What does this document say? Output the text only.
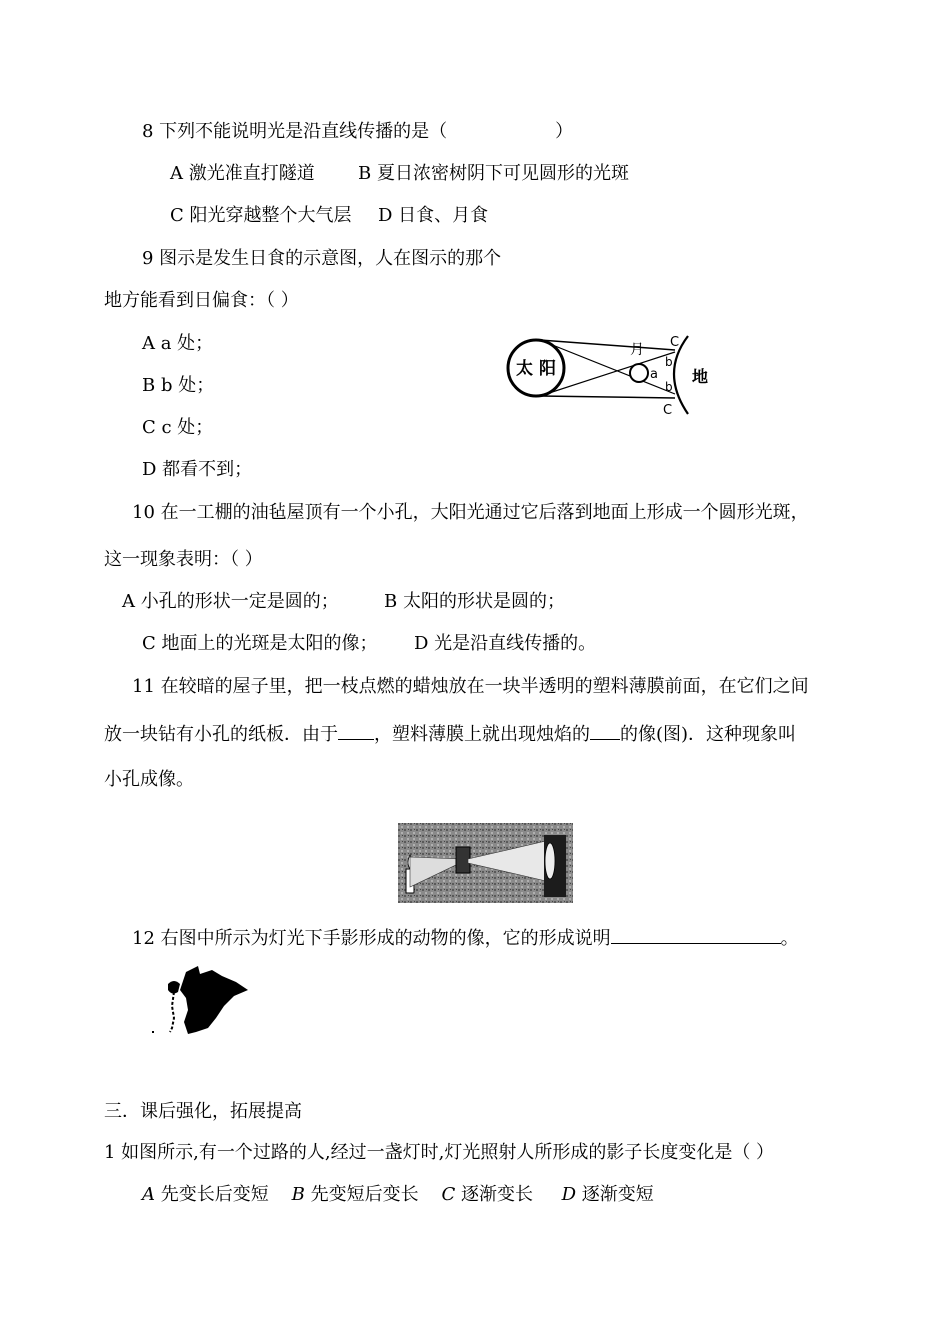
8 下列不能说明光是沿直线传播的是（　　　　　　）
A 激光准直打隧道 B 夏日浓密树阴下可见圆形的光斑
C 阳光穿越整个大气层 D 日食、月食
9 图示是发生日食的示意图，人在图示的那个
地方能看到日偏食：（ ）
A a 处；
B b 处；
C c 处；
D 都看不到；
太 阳
月
地
C
C
b
b
a
10 在一工棚的油毡屋顶有一个小孔，大阳光通过它后落到地面上形成一个圆形光斑，
这一现象表明：（ ）
A 小孔的形状一定是圆的；	B 太阳的形状是圆的；
C 地面上的光斑是太阳的像； D 光是沿直线传播的。
11 在较暗的屋子里，把一枝点燃的蜡烛放在一块半透明的塑料薄膜前面，在它们之间
放一块钻有小孔的纸板．由于 ，塑料薄膜上就出现烛焰的 的像(图)．这种现象叫
小孔成像。
12 右图中所示为灯光下手影形成的动物的像，它的形成说明	。
三．课后强化，拓展提高
1 如图所示,有一个过路的人,经过一盏灯时,灯光照射人所形成的影子长度变化是（ ）
A 先变长后变短 B 先变短后变长 C 逐渐变长 D 逐渐变短
